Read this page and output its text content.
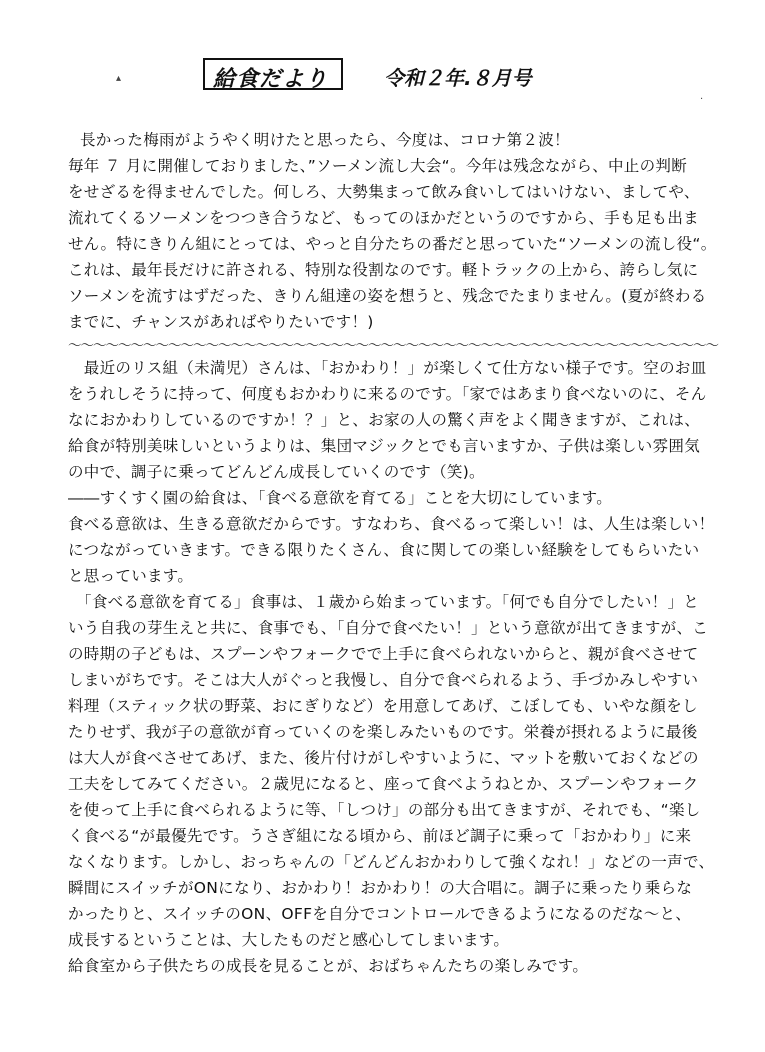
▴	給食だより	令和２年.８月号
·
長かった梅雨がようやく明けたと思ったら、今度は、コロナ第２波！
毎年 ７ 月に開催しておりました、”ソーメン流し大会“。今年は残念ながら、中止の判断
をせざるを得ませんでした。何しろ、大勢集まって飲み食いしてはいけない、ましてや、
流れてくるソーメンをつつき合うなど、もってのほかだというのですから、手も足も出ま
せん。特にきりん組にとっては、やっと自分たちの番だと思っていた“ソーメンの流し役“。
これは、最年長だけに許される、特別な役割なのです。軽トラックの上から、誇らし気に
ソーメンを流すはずだった、きりん組達の姿を想うと、残念でたまりません。(夏が終わる
までに、チャンスがあればやりたいです！)
〜〜〜〜〜〜〜〜〜〜〜〜〜〜〜〜〜〜〜〜〜〜〜〜〜〜〜〜〜〜〜〜〜〜〜〜〜〜〜〜〜〜〜〜〜〜〜〜〜〜〜〜
　最近のリス組（未満児）さんは、「おかわり！」が楽しくて仕方ない様子です。空のお皿
をうれしそうに持って、何度もおかわりに来るのです。「家ではあまり食べないのに、そん
なにおかわりしているのですか！？」と、お家の人の驚く声をよく聞きますが、これは、
給食が特別美味しいというよりは、集団マジックとでも言いますか、子供は楽しい雰囲気
の中で、調子に乗ってどんどん成長していくのです（笑)。
――すくすく園の給食は、「食べる意欲を育てる」ことを大切にしています。
食べる意欲は、生きる意欲だからです。すなわち、食べるって楽しい！は、人生は楽しい！
につながっていきます。できる限りたくさん、食に関しての楽しい経験をしてもらいたい
と思っています。
　「食べる意欲を育てる」食事は、１歳から始まっています。「何でも自分でしたい！」と
いう自我の芽生えと共に、食事でも、「自分で食べたい！」という意欲が出てきますが、こ
の時期の子どもは、スプーンやフォークでで上手に食べられないからと、親が食べさせて
しまいがちです。そこは大人がぐっと我慢し、自分で食べられるよう、手づかみしやすい
料理（スティック状の野菜、おにぎりなど）を用意してあげ、こぼしても、いやな顔をし
たりせず、我が子の意欲が育っていくのを楽しみたいものです。栄養が摂れるように最後
は大人が食べさせてあげ、また、後片付けがしやすいように、マットを敷いておくなどの
工夫をしてみてください。２歳児になると、座って食べようねとか、スプーンやフォーク
を使って上手に食べられるように等、「しつけ」の部分も出てきますが、それでも、“楽し
く食べる“が最優先です。うさぎ組になる頃から、前ほど調子に乗って「おかわり」に来
なくなります。しかし、おっちゃんの「どんどんおかわりして強くなれ！」などの一声で、
瞬間にスイッチがONになり、おかわり！おかわり！の大合唱に。調子に乗ったり乗らな
かったりと、スイッチのON、OFFを自分でコントロールできるようになるのだな～と、
成長するということは、大したものだと感心してしまいます。
給食室から子供たちの成長を見ることが、おばちゃんたちの楽しみです。
